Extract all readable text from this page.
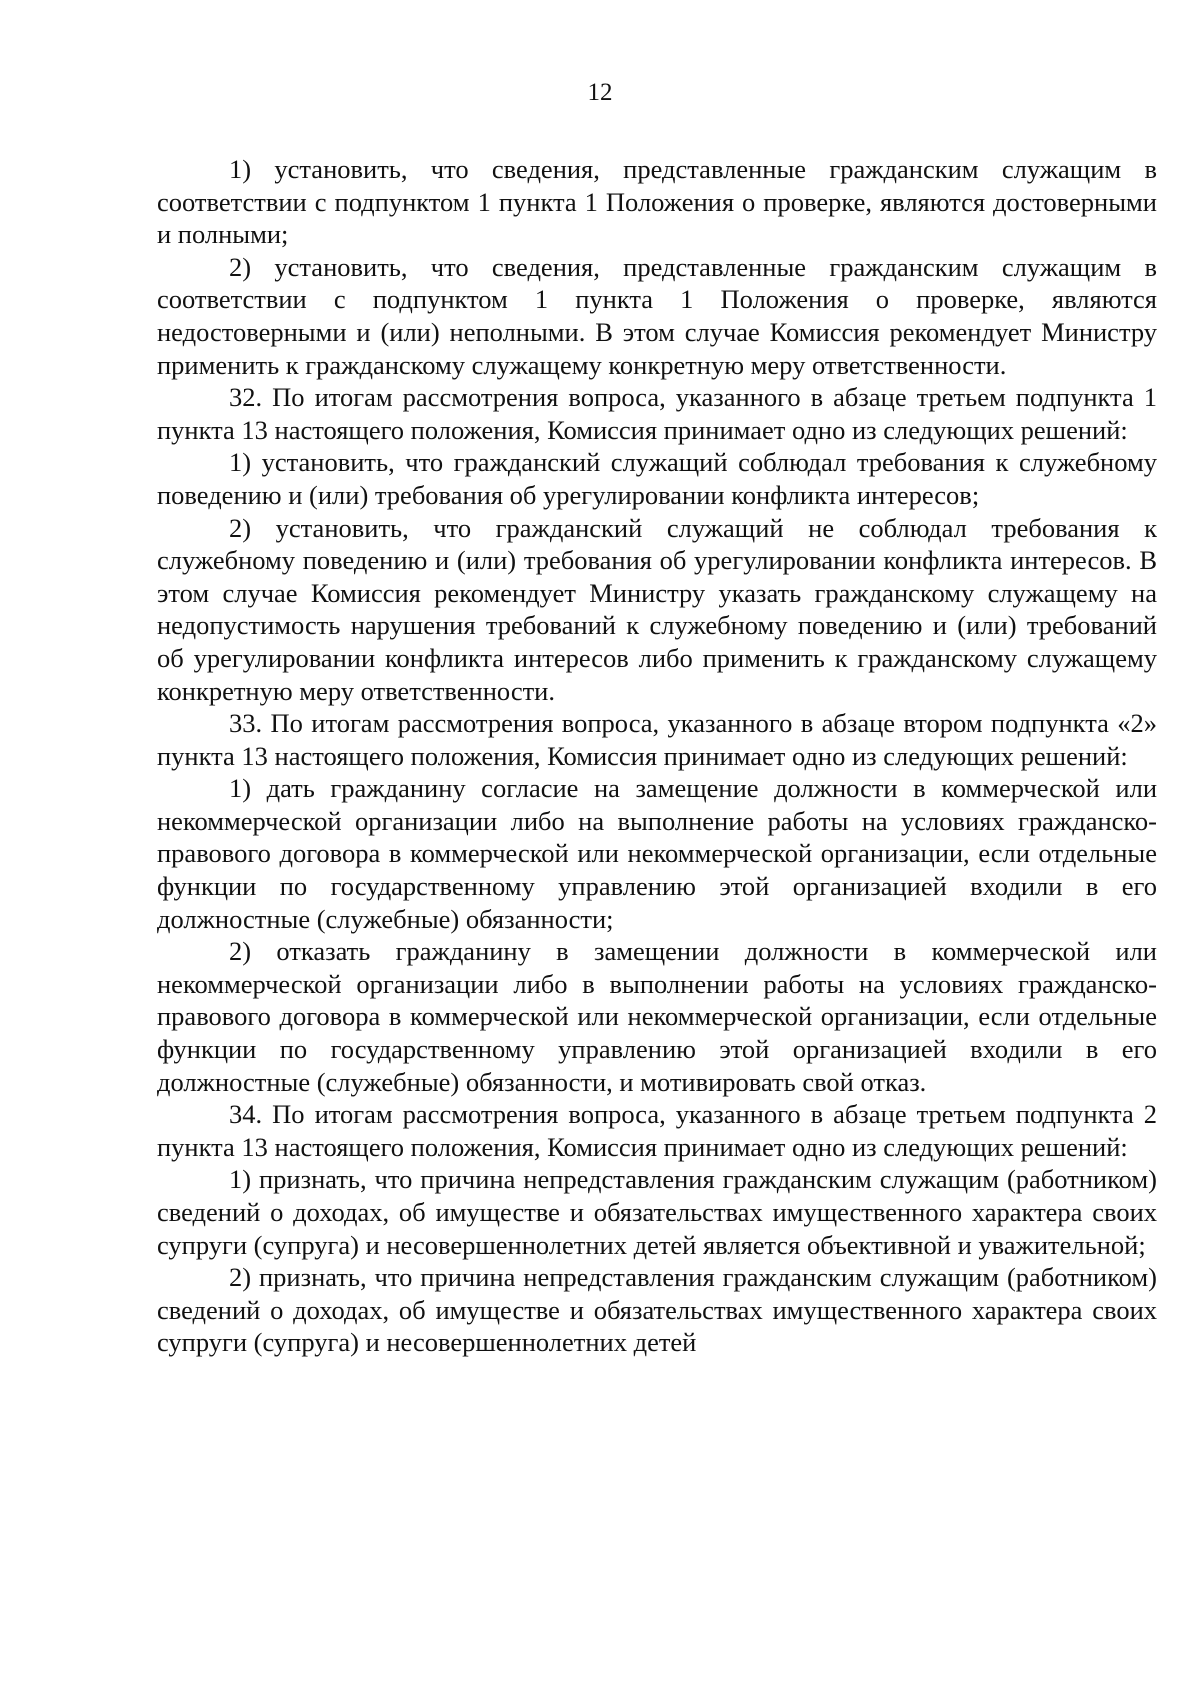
12

1) установить, что сведения, представленные гражданским служащим в соответствии с подпунктом 1 пункта 1 Положения о проверке, являются достоверными и полными;

2) установить, что сведения, представленные гражданским служащим в соответствии с подпунктом 1 пункта 1 Положения о проверке, являются недостоверными и (или) неполными. В этом случае Комиссия рекомендует Министру применить к гражданскому служащему конкретную меру ответственности.

32. По итогам рассмотрения вопроса, указанного в абзаце третьем подпункта 1 пункта 13 настоящего положения, Комиссия принимает одно из следующих решений:

1) установить, что гражданский служащий соблюдал требования к служебному поведению и (или) требования об урегулировании конфликта интересов;

2) установить, что гражданский служащий не соблюдал требования к служебному поведению и (или) требования об урегулировании конфликта интересов. В этом случае Комиссия рекомендует Министру указать гражданскому служащему на недопустимость нарушения требований к служебному поведению и (или) требований об урегулировании конфликта интересов либо применить к гражданскому служащему конкретную меру ответственности.

33. По итогам рассмотрения вопроса, указанного в абзаце втором подпункта «2» пункта 13 настоящего положения, Комиссия принимает одно из следующих решений:

1) дать гражданину согласие на замещение должности в коммерческой или некоммерческой организации либо на выполнение работы на условиях гражданско-правового договора в коммерческой или некоммерческой организации, если отдельные функции по государственному управлению этой организацией входили в его должностные (служебные) обязанности;

2) отказать гражданину в замещении должности в коммерческой или некоммерческой организации либо в выполнении работы на условиях гражданско-правового договора в коммерческой или некоммерческой организации, если отдельные функции по государственному управлению этой организацией входили в его должностные (служебные) обязанности, и мотивировать свой отказ.

34. По итогам рассмотрения вопроса, указанного в абзаце третьем подпункта 2 пункта 13 настоящего положения, Комиссия принимает одно из следующих решений:

1) признать, что причина непредставления гражданским служащим (работником) сведений о доходах, об имуществе и обязательствах имущественного характера своих супруги (супруга) и несовершеннолетних детей является объективной и уважительной;

2) признать, что причина непредставления гражданским служащим (работником) сведений о доходах, об имуществе и обязательствах имущественного характера своих супруги (супруга) и несовершеннолетних детей
